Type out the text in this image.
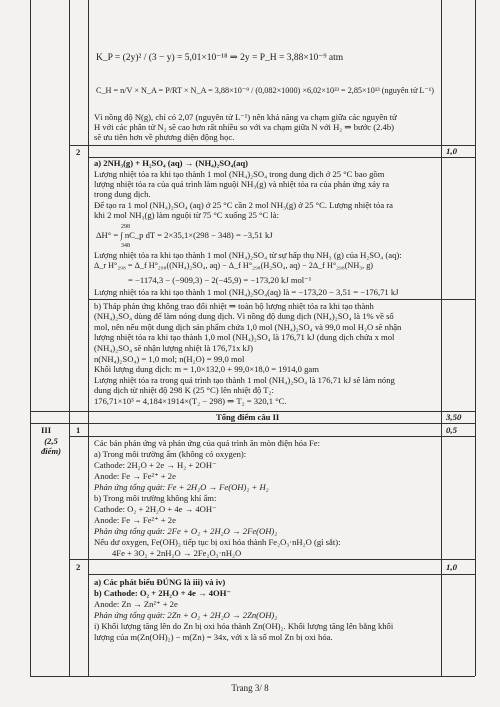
K_P = (2y)² / (3 − y) = 5,01×10⁻¹⁸ ⇒ 2y = P_H = 3,88×10⁻⁹ atm
C_H = n/V × N_A = P/RT × N_A = 3,88×10⁻⁹ / (0,082×1000) ×6,02×10²³ = 2,85×10¹³ (nguyên tử L⁻¹)
Vì nồng độ N(g), chỉ có 2,07 (nguyên tử L⁻¹) nên khả năng va chạm giữa các nguyên tử
H với các phân tử N₂ sẽ cao hơn rất nhiều so với va chạm giữa N với H₂ ⇒ bước (2.4b)
sẽ ưu tiên hơn về phương diện động học.
2	1,0
a) 2NH₃(g) + H₂SO₄ (aq) → (NH₄)₂SO₄(aq)
Lượng nhiệt tỏa ra khi tạo thành 1 mol (NH₄)₂SO₄ trong dung dịch ở 25 °C bao gồm
lượng nhiệt tỏa ra của quá trình làm nguội NH₃(g) và nhiệt tỏa ra của phản ứng xảy ra
trong dung dịch.
Để tạo ra 1 mol (NH₄)₂SO₄ (aq) ở 25 °C cần 2 mol NH₃(g) ở 25 °C. Lượng nhiệt tỏa ra
khi 2 mol NH₃(g) làm nguội từ 75 °C xuống 25 °C là:
298
ΔH° = ∫ nC_p dT = 2×35,1×(298 − 348) = −3,51 kJ
348
Lượng nhiệt tỏa ra khi tạo thành 1 mol (NH₄)₂SO₄ từ sự hấp thụ NH₃ (g) của H₂SO₄ (aq):
Δ_r H°₂₉₈ = Δ_f H°₂₉₈((NH₄)₂SO₄, aq) − Δ_f H°₂₉₈(H₂SO₄, aq) − 2Δ_f H°₂₉₈(NH₃, g)
= −1174,3 − (−909,3) − 2(−45,9) = −173,20 kJ mol⁻¹
Lượng nhiệt tỏa ra khi tạo thành 1 mol (NH₄)₂SO₄(aq) là = −173,20 − 3,51 = −176,71 kJ
b) Tháp phản ứng không trao đổi nhiệt ⇒ toàn bộ lượng nhiệt tỏa ra khi tạo thành
(NH₄)₂SO₄ dùng để làm nóng dung dịch. Vì nồng độ dung dịch (NH₄)₂SO₄ là 1% về số
mol, nên nếu một dung dịch sản phẩm chứa 1,0 mol (NH₄)₂SO₄ và 99,0 mol H₂O sẽ nhận
lượng nhiệt tỏa ra khi tạo thành 1,0 mol (NH₄)₂SO₄ là 176,71 kJ (dung dịch chứa x mol
(NH₄)₂SO₄ sẽ nhận lượng nhiệt là 176,71x kJ)
n(NH₄)₂SO₄) = 1,0 mol; n(H₂O) = 99,0 mol
Khối lượng dung dịch: m = 1,0×132,0 + 99,0×18,0 = 1914,0 gam
Lượng nhiệt tỏa ra trong quá trình tạo thành 1 mol (NH₄)₂SO₄ là 176,71 kJ sẽ làm nóng
dung dịch từ nhiệt độ 298 K (25 °C) lên nhiệt độ T₂:
176,71×10³ = 4,184×1914×(T₂ − 298) ⇒ T₂ = 320,1 °C.
Tổng điểm câu II	3,50
III
(2,5 điểm)
1	0,5
Các bán phản ứng và phản ứng của quá trình ăn mòn điện hóa Fe:
a) Trong môi trường ẩm (không có oxygen):
Cathode: 2H₂O + 2e → H₂ + 2OH⁻
Anode: Fe → Fe²⁺ + 2e
Phản ứng tổng quát: Fe + 2H₂O → Fe(OH)₂ + H₂
b) Trong môi trường không khí ẩm:
Cathode: O₂ + 2H₂O + 4e → 4OH⁻
Anode: Fe → Fe²⁺ + 2e
Phản ứng tổng quát: 2Fe + O₂ + 2H₂O → 2Fe(OH)₂
Nếu dư oxygen, Fe(OH)₂ tiếp tục bị oxi hóa thành Fe₂O₃·nH₂O (gỉ sắt):
4Fe + 3O₂ + 2nH₂O → 2Fe₂O₃·nH₂O
2	1,0
a) Các phát biểu ĐÚNG là iii) và iv)
b) Cathode: O₂ + 2H₂O + 4e → 4OH⁻
Anode: Zn → Zn²⁺ + 2e
Phản ứng tổng quát: 2Zn + O₂ + 2H₂O → 2Zn(OH)₂
i) Khối lượng tăng lên do Zn bị oxi hóa thành Zn(OH)₂. Khối lượng tăng lên bằng khối
lượng của m(Zn(OH)₂) − m(Zn) = 34x, với x là số mol Zn bị oxi hóa.
Trang 3/ 8
